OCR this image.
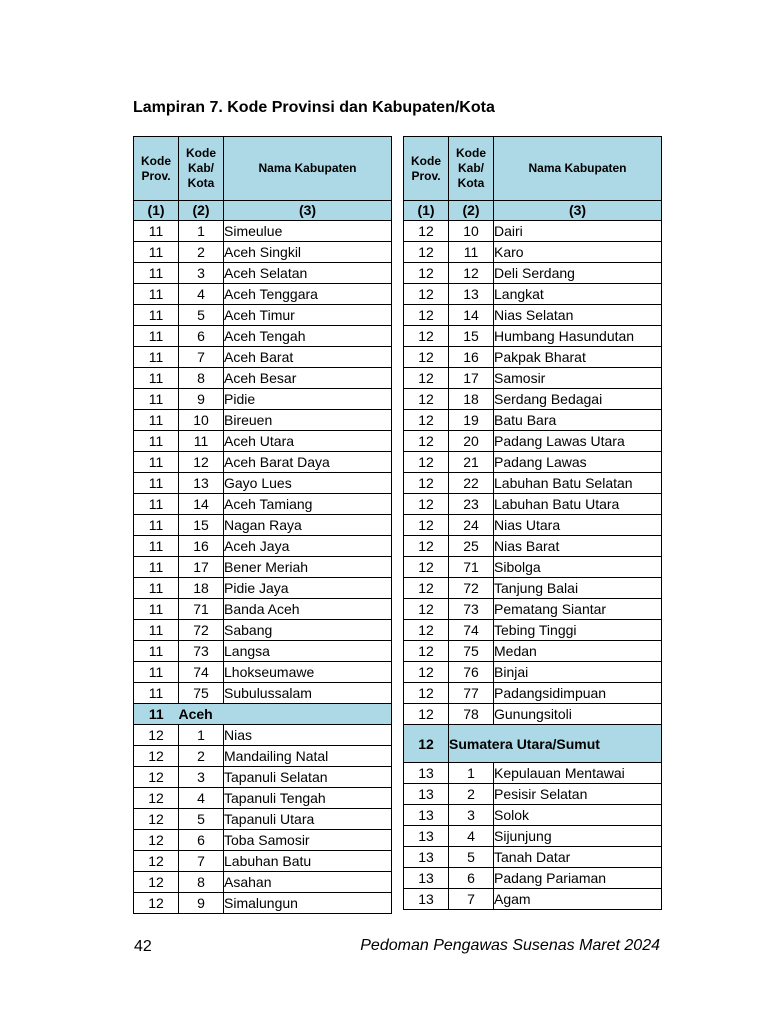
Lampiran 7. Kode Provinsi dan Kabupaten/Kota
Kode
Prov.	Kode
Kab/
Kota	Nama Kabupaten
(1)	(2)	(3)
11	1	Simeulue
11	2	Aceh Singkil
11	3	Aceh Selatan
11	4	Aceh Tenggara
11	5	Aceh Timur
11	6	Aceh Tengah
11	7	Aceh Barat
11	8	Aceh Besar
11	9	Pidie
11	10	Bireuen
11	11	Aceh Utara
11	12	Aceh Barat Daya
11	13	Gayo Lues
11	14	Aceh Tamiang
11	15	Nagan Raya
11	16	Aceh Jaya
11	17	Bener Meriah
11	18	Pidie Jaya
11	71	Banda Aceh
11	72	Sabang
11	73	Langsa
11	74	Lhokseumawe
11	75	Subulussalam
11	Aceh	
12	1	Nias
12	2	Mandailing Natal
12	3	Tapanuli Selatan
12	4	Tapanuli Tengah
12	5	Tapanuli Utara
12	6	Toba Samosir
12	7	Labuhan Batu
12	8	Asahan
12	9	Simalungun
Kode
Prov.	Kode
Kab/
Kota	Nama Kabupaten
(1)	(2)	(3)
12	10	Dairi
12	11	Karo
12	12	Deli Serdang
12	13	Langkat
12	14	Nias Selatan
12	15	Humbang Hasundutan
12	16	Pakpak Bharat
12	17	Samosir
12	18	Serdang Bedagai
12	19	Batu Bara
12	20	Padang Lawas Utara
12	21	Padang Lawas
12	22	Labuhan Batu Selatan
12	23	Labuhan Batu Utara
12	24	Nias Utara
12	25	Nias Barat
12	71	Sibolga
12	72	Tanjung Balai
12	73	Pematang Siantar
12	74	Tebing Tinggi
12	75	Medan
12	76	Binjai
12	77	Padangsidimpuan
12	78	Gunungsitoli
12	Sumatera Utara/Sumut	
13	1	Kepulauan Mentawai
13	2	Pesisir Selatan
13	3	Solok
13	4	Sijunjung
13	5	Tanah Datar
13	6	Padang Pariaman
13	7	Agam
42	Pedoman Pengawas Susenas Maret 2024
